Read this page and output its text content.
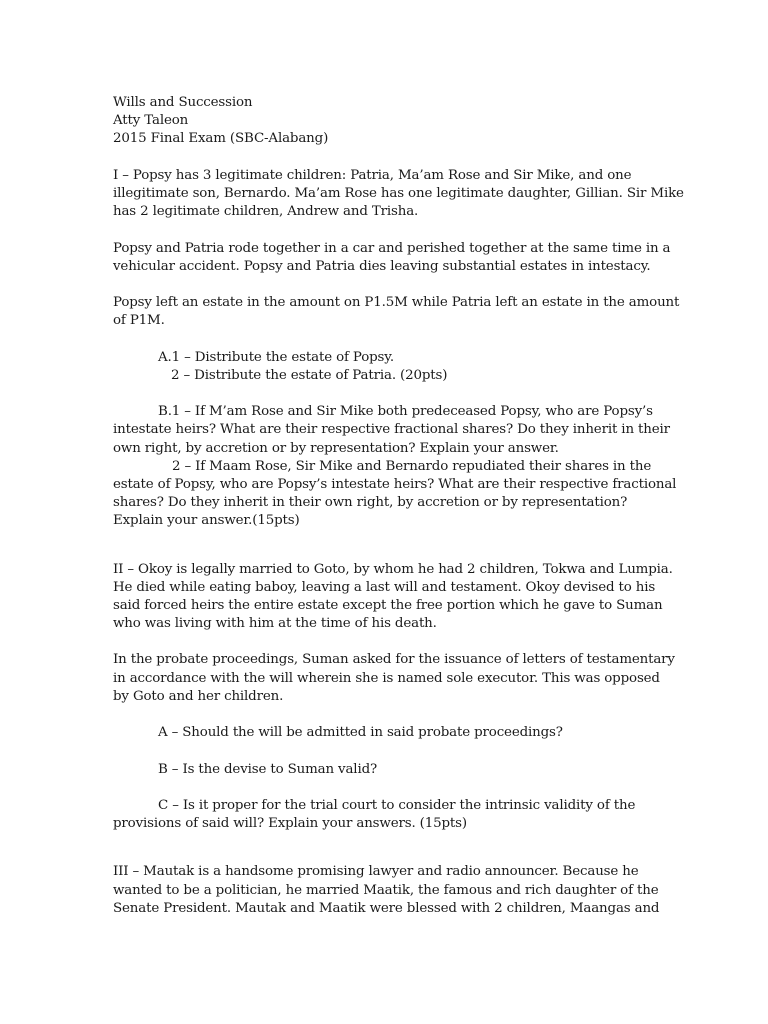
Wills and Succession
Atty Taleon
2015 Final Exam (SBC-Alabang)
I – Popsy has 3 legitimate children: Patria, Ma’am Rose and Sir Mike, and one
illegitimate son, Bernardo. Ma’am Rose has one legitimate daughter, Gillian. Sir Mike
has 2 legitimate children, Andrew and Trisha.
Popsy and Patria rode together in a car and perished together at the same time in a
vehicular accident. Popsy and Patria dies leaving substantial estates in intestacy.
Popsy left an estate in the amount on P1.5M while Patria left an estate in the amount
of P1M.
A.1 – Distribute the estate of Popsy.
2 – Distribute the estate of Patria. (20pts)
B.1 – If M’am Rose and Sir Mike both predeceased Popsy, who are Popsy’s
intestate heirs? What are their respective fractional shares? Do they inherit in their
own right, by accretion or by representation? Explain your answer.
2 – If Maam Rose, Sir Mike and Bernardo repudiated their shares in the
estate of Popsy, who are Popsy’s intestate heirs? What are their respective fractional
shares? Do they inherit in their own right, by accretion or by representation?
Explain your answer.(15pts)
II – Okoy is legally married to Goto, by whom he had 2 children, Tokwa and Lumpia.
He died while eating baboy, leaving a last will and testament. Okoy devised to his
said forced heirs the entire estate except the free portion which he gave to Suman
who was living with him at the time of his death.
In the probate proceedings, Suman asked for the issuance of letters of testamentary
in accordance with the will wherein she is named sole executor. This was opposed
by Goto and her children.
A – Should the will be admitted in said probate proceedings?
B – Is the devise to Suman valid?
C – Is it proper for the trial court to consider the intrinsic validity of the
provisions of said will? Explain your answers. (15pts)
III – Mautak is a handsome promising lawyer and radio announcer. Because he
wanted to be a politician, he married Maatik, the famous and rich daughter of the
Senate President. Mautak and Maatik were blessed with 2 children, Maangas and
